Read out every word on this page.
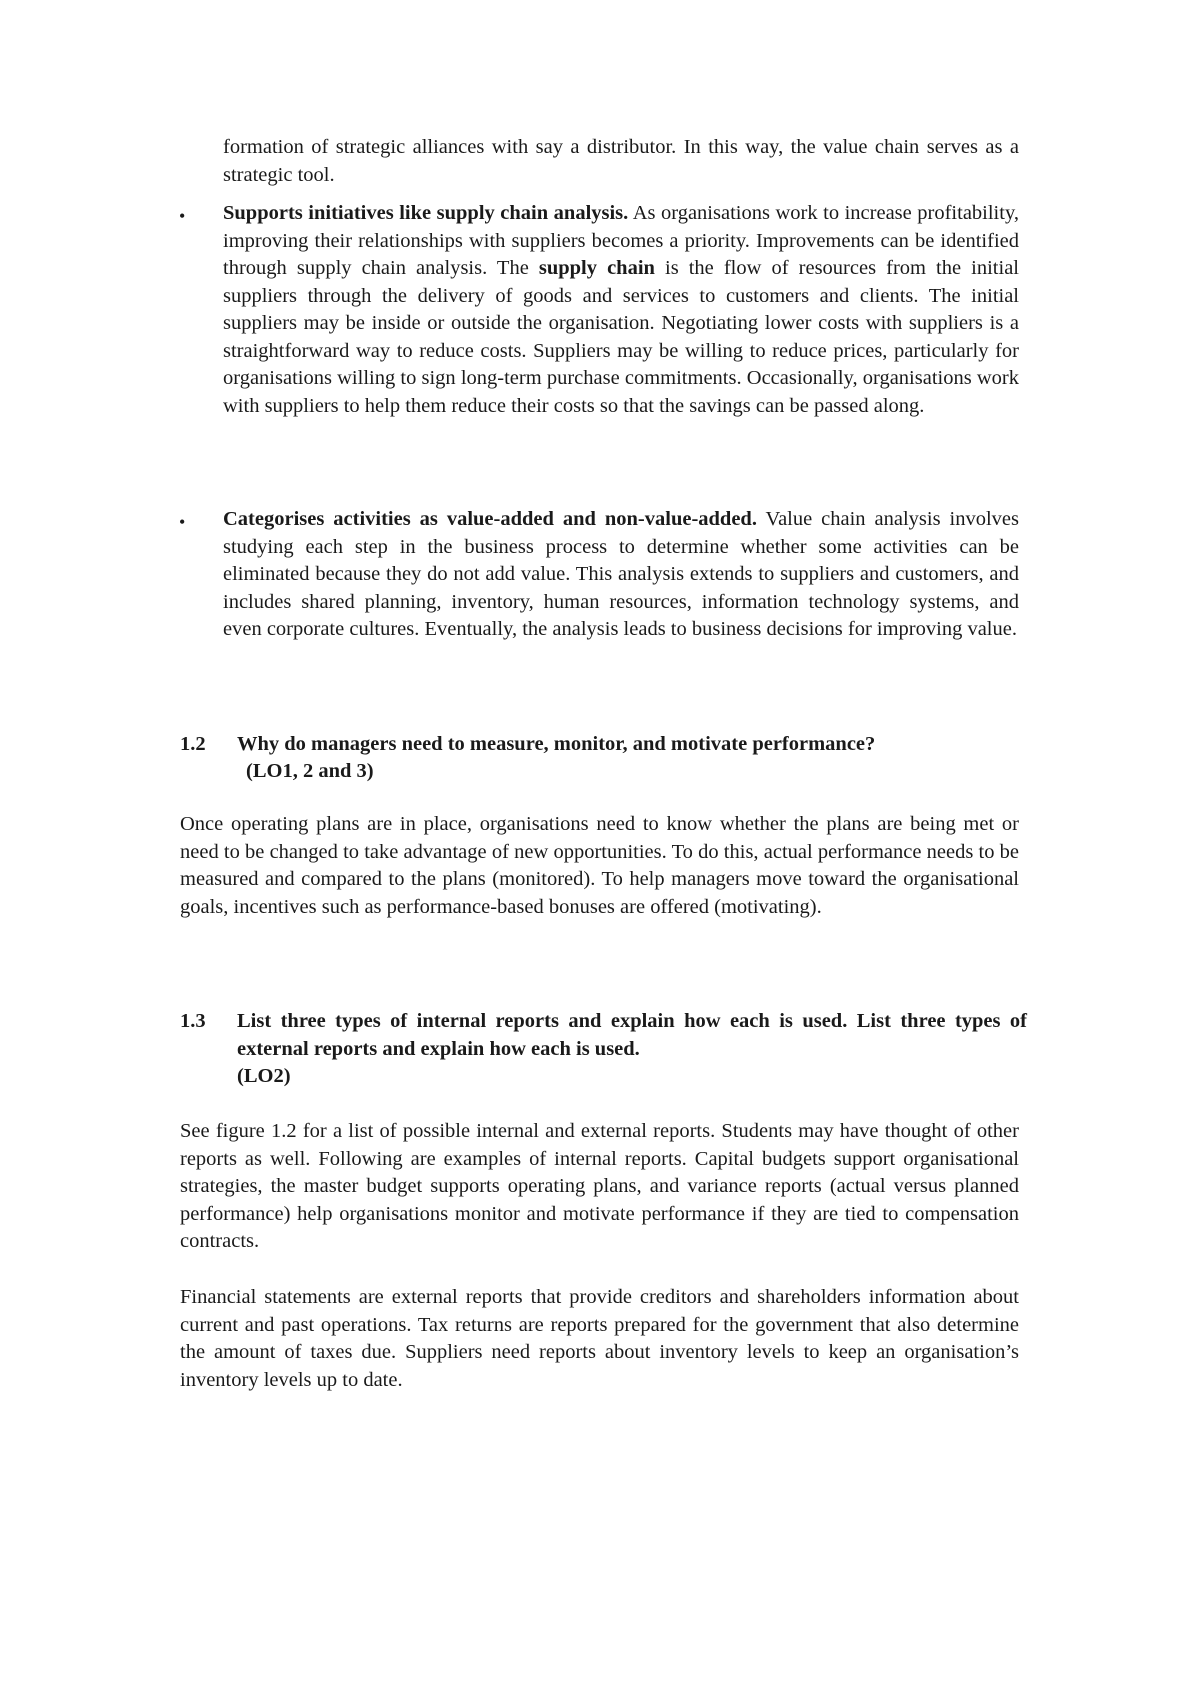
formation of strategic alliances with say a distributor. In this way, the value chain serves as a strategic tool.

• Supports initiatives like supply chain analysis. As organisations work to increase profitability, improving their relationships with suppliers becomes a priority. Improvements can be identified through supply chain analysis. The supply chain is the flow of resources from the initial suppliers through the delivery of goods and services to customers and clients. The initial suppliers may be inside or outside the organisation. Negotiating lower costs with suppliers is a straightforward way to reduce costs. Suppliers may be willing to reduce prices, particularly for organisations willing to sign long-term purchase commitments. Occasionally, organisations work with suppliers to help them reduce their costs so that the savings can be passed along.

• Categorises activities as value-added and non-value-added. Value chain analysis involves studying each step in the business process to determine whether some activities can be eliminated because they do not add value. This analysis extends to suppliers and customers, and includes shared planning, inventory, human resources, information technology systems, and even corporate cultures. Eventually, the analysis leads to business decisions for improving value.

1.2 Why do managers need to measure, monitor, and motivate performance?
(LO1, 2 and 3)

Once operating plans are in place, organisations need to know whether the plans are being met or need to be changed to take advantage of new opportunities. To do this, actual performance needs to be measured and compared to the plans (monitored). To help managers move toward the organisational goals, incentives such as performance-based bonuses are offered (motivating).

1.3 List three types of internal reports and explain how each is used. List three types of external reports and explain how each is used.
(LO2)

See figure 1.2 for a list of possible internal and external reports. Students may have thought of other reports as well. Following are examples of internal reports. Capital budgets support organisational strategies, the master budget supports operating plans, and variance reports (actual versus planned performance) help organisations monitor and motivate performance if they are tied to compensation contracts.

Financial statements are external reports that provide creditors and shareholders information about current and past operations. Tax returns are reports prepared for the government that also determine the amount of taxes due. Suppliers need reports about inventory levels to keep an organisation’s inventory levels up to date.
